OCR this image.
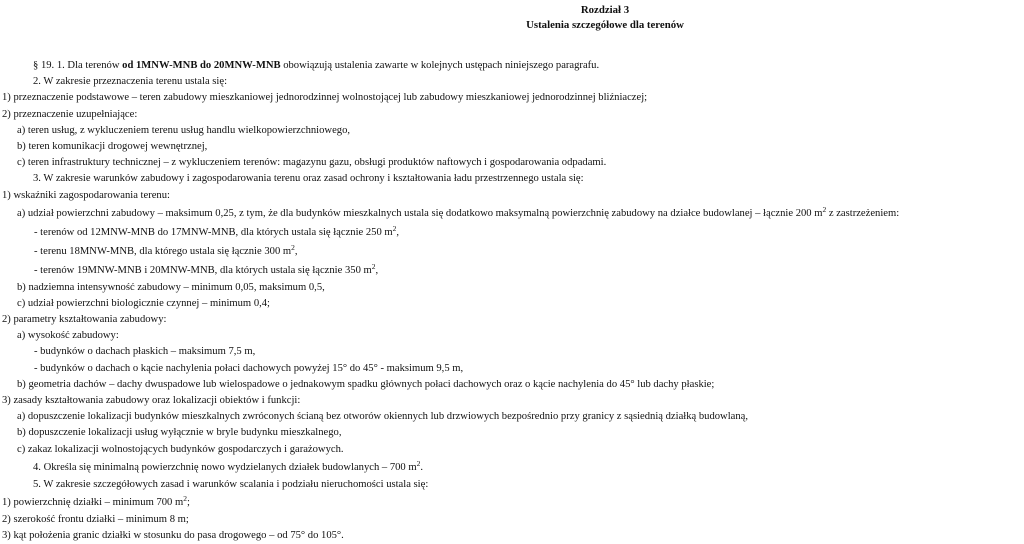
Rozdział 3
Ustalenia szczegółowe dla terenów
§ 19. 1. Dla terenów od 1MNW-MNB do 20MNW-MNB obowiązują ustalenia zawarte w kolejnych ustępach niniejszego paragrafu.
2. W zakresie przeznaczenia terenu ustala się:
1) przeznaczenie podstawowe – teren zabudowy mieszkaniowej jednorodzinnej wolnostojącej lub zabudowy mieszkaniowej jednorodzinnej bliźniaczej;
2) przeznaczenie uzupełniające:
a) teren usług, z wykluczeniem terenu usług handlu wielkopowierzchniowego,
b) teren komunikacji drogowej wewnętrznej,
c) teren infrastruktury technicznej – z wykluczeniem terenów: magazynu gazu, obsługi produktów naftowych i gospodarowania odpadami.
3. W zakresie warunków zabudowy i zagospodarowania terenu oraz zasad ochrony i kształtowania ładu przestrzennego ustala się:
1) wskaźniki zagospodarowania terenu:
a) udział powierzchni zabudowy – maksimum 0,25, z tym, że dla budynków mieszkalnych ustala się dodatkowo maksymalną powierzchnię zabudowy na działce budowlanej – łącznie 200 $m^2$ z zastrzeżeniem:
- terenów od 12MNW-MNB do 17MNW-MNB, dla których ustala się łącznie 250 $m^2$,
- terenu 18MNW-MNB, dla którego ustala się łącznie 300 $m^2$,
- terenów 19MNW-MNB i 20MNW-MNB, dla których ustala się łącznie 350 $m^2$,
b) nadziemna intensywność zabudowy – minimum 0,05, maksimum 0,5,
c) udział powierzchni biologicznie czynnej – minimum 0,4;
2) parametry kształtowania zabudowy:
a) wysokość zabudowy:
- budynków o dachach płaskich – maksimum 7,5 m,
- budynków o dachach o kącie nachylenia połaci dachowych powyżej 15° do 45° - maksimum 9,5 m,
b) geometria dachów – dachy dwuspadowe lub wielospadowe o jednakowym spadku głównych połaci dachowych oraz o kącie nachylenia do 45° lub dachy płaskie;
3) zasady kształtowania zabudowy oraz lokalizacji obiektów i funkcji:
a) dopuszczenie lokalizacji budynków mieszkalnych zwróconych ścianą bez otworów okiennych lub drzwiowych bezpośrednio przy granicy z sąsiednią działką budowlaną,
b) dopuszczenie lokalizacji usług wyłącznie w bryle budynku mieszkalnego,
c) zakaz lokalizacji wolnostojących budynków gospodarczych i garażowych.
4. Określa się minimalną powierzchnię nowo wydzielanych działek budowlanych – 700 $m^2$.
5. W zakresie szczegółowych zasad i warunków scalania i podziału nieruchomości ustala się:
1) powierzchnię działki – minimum 700 $m^2$;
2) szerokość frontu działki – minimum 8 m;
3) kąt położenia granic działki w stosunku do pasa drogowego – od 75° do 105°.
